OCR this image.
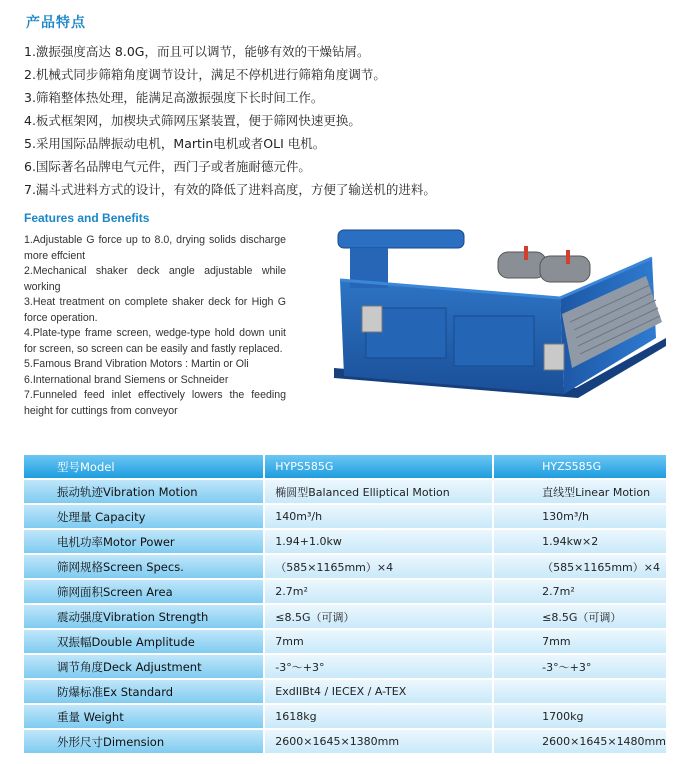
产品特点
1.激振强度高达 8.0G，而且可以调节，能够有效的干燥钻屑。
2.机械式同步筛箱角度调节设计，满足不停机进行筛箱角度调节。
3.筛箱整体热处理，能满足高激振强度下长时间工作。
4.板式框架网，加楔块式筛网压紧装置，便于筛网快速更换。
5.采用国际品牌振动电机，Martin电机或者OLI 电机。
6.国际著名品牌电气元件，西门子或者施耐德元件。
7.漏斗式进料方式的设计，有效的降低了进料高度，方便了输送机的进料。
Features and Benefits
1.Adjustable G force up to 8.0, drying solids discharge more effcient
2.Mechanical shaker deck angle adjustable while working
3.Heat treatment on complete shaker deck for High G force operation.
4.Plate-type frame screen, wedge-type hold down unit for screen, so screen can be easily and fastly replaced.
5.Famous Brand Vibration Motors : Martin or Oli
6.International brand Siemens or Schneider
7.Funneled feed inlet effectively lowers the feeding height for cuttings from conveyor
型号Model	HYPS585G	HYZS585G
振动轨迹Vibration Motion	椭圆型Balanced Elliptical Motion	直线型Linear Motion
处理量 Capacity	140m³/h	130m³/h
电机功率Motor Power	1.94+1.0kw	1.94kw×2
筛网规格Screen Specs.	（585×1165mm）×4	（585×1165mm）×4
筛网面积Screen Area	2.7m²	2.7m²
震动强度Vibration Strength	≤8.5G（可调）	≤8.5G（可调）
双振幅Double Amplitude	7mm	7mm
调节角度Deck Adjustment	-3°～+3°	-3°～+3°
防爆标准Ex Standard	ExdIIBt4 / IECEX / A-TEX	
重量 Weight	1618kg	1700kg
外形尺寸Dimension	2600×1645×1380mm	2600×1645×1480mm
